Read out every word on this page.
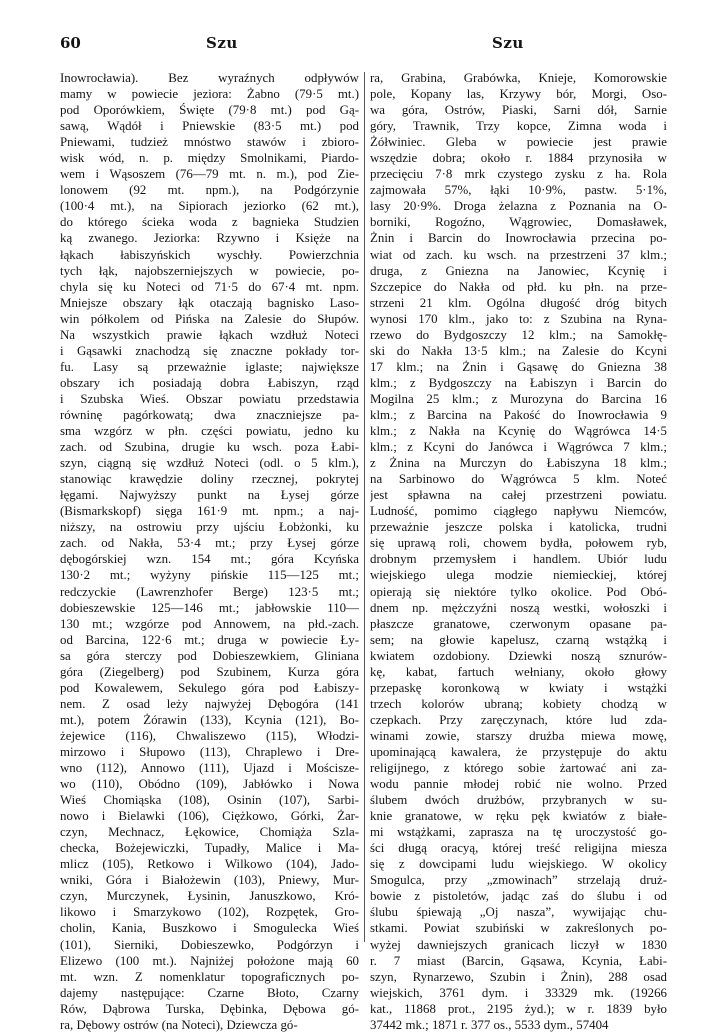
60	Szu	Szu
Inowrocławia). Bez wyraźnych odpływów
mamy w powiecie jeziora: Żabno (79·5 mt.)
pod Oporówkiem, Święte (79·8 mt.) pod Gą-
sawą, Wądół i Pniewskie (83·5 mt.) pod
Pniewami, tudzież mnóstwo stawów i zbioro-
wisk wód, n. p. między Smolnikami, Piardo-
wem i Wąsoszem (76—79 mt. n. m.), pod Zie-
lonowem (92 mt. npm.), na Podgórzynie
(100·4 mt.), na Sipiorach jeziorko (62 mt.),
do którego ścieka woda z bagnieka Studzien
ką zwanego. Jeziorka: Rzywno i Księże na
łąkach łabiszyńskich wyschły. Powierzchnia
tych łąk, najobszerniejszych w powiecie, po-
chyla się ku Noteci od 71·5 do 67·4 mt. npm.
Mniejsze obszary łąk otaczają bagnisko Laso-
win półkolem od Pińska na Zalesie do Słupów.
Na wszystkich prawie łąkach wzdłuż Noteci
i Gąsawki znachodzą się znaczne pokłady tor-
fu. Lasy są przeważnie iglaste; największe
obszary ich posiadają dobra Łabiszyn, rząd
i Szubska Wieś. Obszar powiatu przedstawia
równinę pagórkowatą; dwa znaczniejsze pa-
sma wzgórz w płn. części powiatu, jedno ku
zach. od Szubina, drugie ku wsch. poza Łabi-
szyn, ciągną się wzdłuż Noteci (odl. o 5 klm.),
stanowiąc krawędzie doliny rzecznej, pokrytej
łęgami. Najwyższy punkt na Łysej górze
(Bismarkskopf) sięga 161·9 mt. npm.; a naj-
niższy, na ostrowiu przy ujściu Łobżonki, ku
zach. od Nakła, 53·4 mt.; przy Łysej górze
dębogórskiej wzn. 154 mt.; góra Kcyńska
130·2 mt.; wyżyny pińskie 115—125 mt.;
redczyckie (Lawrenzhofer Berge) 123·5 mt.;
dobieszewskie 125—146 mt.; jabłowskie 110—
130 mt.; wzgórze pod Annowem, na płd.-zach.
od Barcina, 122·6 mt.; druga w powiecie Ły-
sa góra sterczy pod Dobieszewkiem, Gliniana
góra (Ziegelberg) pod Szubinem, Kurza góra
pod Kowalewem, Sekulego góra pod Łabiszy-
nem. Z osad leży najwyżej Dębogóra (141
mt.), potem Żórawin (133), Kcynia (121), Bo-
żejewice (116), Chwaliszewo (115), Włodzi-
mirzowo i Słupowo (113), Chraplewo i Dre-
wno (112), Annowo (111), Ujazd i Mościsze-
wo (110), Obódno (109), Jabłówko i Nowa
Wieś Chomiąska (108), Osinin (107), Sarbi-
nowo i Bielawki (106), Ciężkowo, Górki, Żar-
czyn, Mechnacz, Łękowice, Chomiąża Szla-
checka, Bożejewiczki, Tupadły, Malice i Ma-
mlicz (105), Retkowo i Wilkowo (104), Jado-
wniki, Góra i Białożewin (103), Pniewy, Mur-
czyn, Murczynek, Łysinin, Januszkowo, Kró-
likowo i Smarzykowo (102), Rozpętek, Gro-
cholin, Kania, Buszkowo i Smogulecka Wieś
(101), Sierniki, Dobieszewko, Podgórzyn i
Elizewo (100 mt.). Najniżej położone mają 60
mt. wzn. Z nomenklatur topograficznych po-
dajemy następujące: Czarne Błoto, Czarny
Rów, Dąbrowa Turska, Dębinka, Dębowa gó-
ra, Dębowy ostrów (na Noteci), Dziewcza gó-
ra, Grabina, Grabówka, Knieje, Komorowskie
pole, Kopany las, Krzywy bór, Morgi, Oso-
wa góra, Ostrów, Piaski, Sarni dół, Sarnie
góry, Trawnik, Trzy kopce, Zimna woda i
Żółwiniec. Gleba w powiecie jest prawie
wszędzie dobra; około r. 1884 przynosiła w
przecięciu 7·8 mrk czystego zysku z ha. Rola
zajmowała 57%, łąki 10·9%, pastw. 5·1%,
lasy 20·9%. Droga żelazna z Poznania na O-
borniki, Rogoźno, Wągrowiec, Domasławek,
Żnin i Barcin do Inowrocławia przecina po-
wiat od zach. ku wsch. na przestrzeni 37 klm.;
druga, z Gniezna na Janowiec, Kcynię i
Szczepice do Nakła od płd. ku płn. na prze-
strzeni 21 klm. Ogólna długość dróg bitych
wynosi 170 klm., jako to: z Szubina na Ryna-
rzewo do Bydgoszczy 12 klm.; na Samokłę-
ski do Nakła 13·5 klm.; na Zalesie do Kcyni
17 klm.; na Żnin i Gąsawę do Gniezna 38
klm.; z Bydgoszczy na Łabiszyn i Barcin do
Mogilna 25 klm.; z Murozyna do Barcina 16
klm.; z Barcina na Pakość do Inowrocławia 9
klm.; z Nakła na Kcynię do Wągrówca 14·5
klm.; z Kcyni do Janówca i Wągrówca 7 klm.;
z Żnina na Murczyn do Łabiszyna 18 klm.;
na Sarbinowo do Wągrówca 5 klm. Noteć
jest spławna na całej przestrzeni powiatu.
Ludność, pomimo ciągłego napływu Niemców,
przeważnie jeszcze polska i katolicka, trudni
się uprawą roli, chowem bydła, połowem ryb,
drobnym przemysłem i handlem. Ubiór ludu
wiejskiego ulega modzie niemieckiej, której
opierają się niektóre tylko okolice. Pod Obó-
dnem np. mężczyźni noszą westki, wołoszki i
płaszcze granatowe, czerwonym opasane pa-
sem; na głowie kapelusz, czarną wstążką i
kwiatem ozdobiony. Dziewki noszą sznurów-
kę, kabat, fartuch wełniany, około głowy
przepaskę koronkową w kwiaty i wstążki
trzech kolorów ubraną; kobiety chodzą w
czepkach. Przy zaręczynach, które lud zda-
winami zowie, starszy drużba miewa mowę,
upominającą kawalera, że przystępuje do aktu
religijnego, z którego sobie żartować ani za-
wodu pannie młodej robić nie wolno. Przed
ślubem dwóch drużbów, przybranych w su-
knie granatowe, w ręku pęk kwiatów z białe-
mi wstążkami, zaprasza na tę uroczystość go-
ści długą oracyą, której treść religijna miesza
się z dowcipami ludu wiejskiego. W okolicy
Smogulca, przy „zmowinach” strzelają druż-
bowie z pistoletów, jadąc zaś do ślubu i od
ślubu śpiewają „Oj nasza”, wywijając chu-
stkami. Powiat szubiński w zakreślonych po-
wyżej dawniejszych granicach liczył w 1830
r. 7 miast (Barcin, Gąsawa, Kcynia, Łabi-
szyn, Rynarzewo, Szubin i Żnin), 288 osad
wiejskich, 3761 dym. i 33329 mk. (19266
kat., 11868 prot., 2195 żyd.); w r. 1839 było
37442 mk.; 1871 r. 377 os., 5533 dym., 57404
